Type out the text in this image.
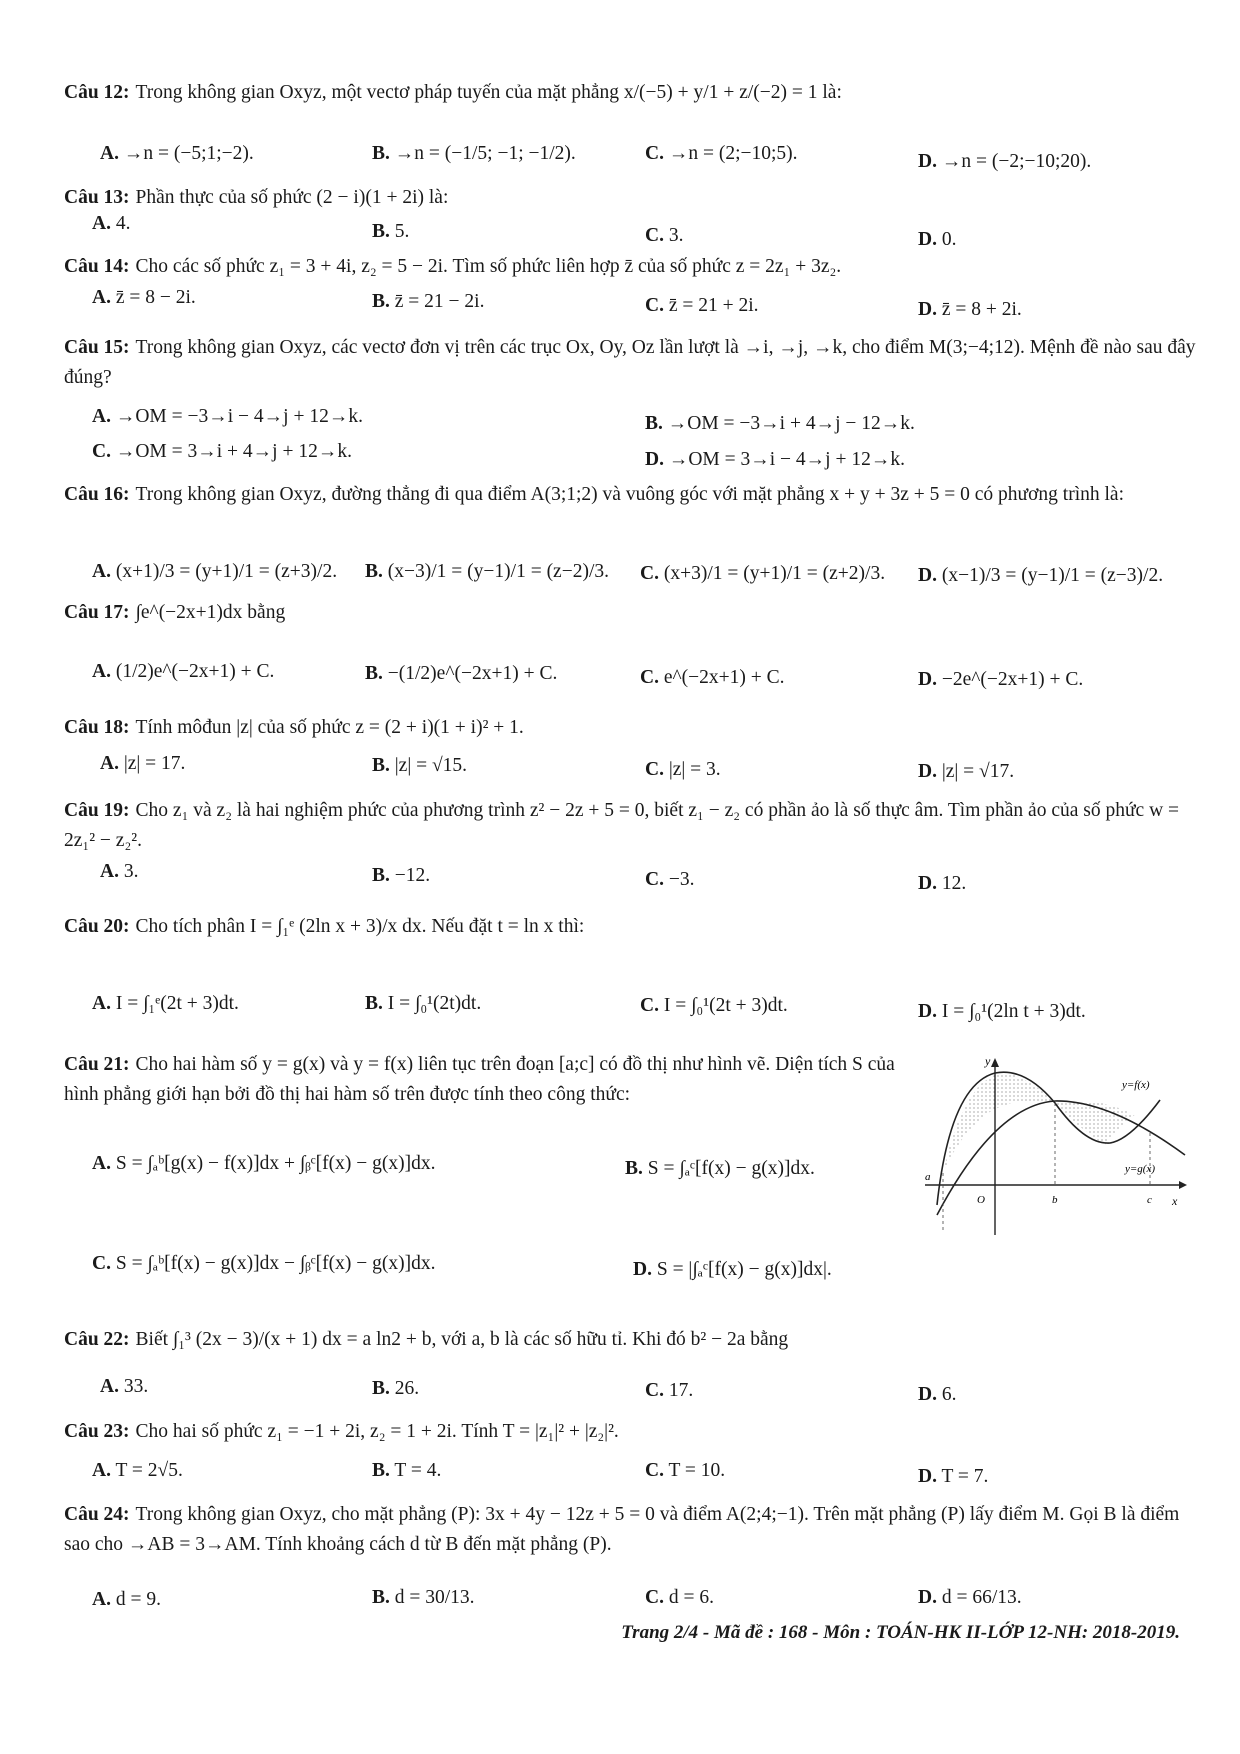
Câu 12: Trong không gian Oxyz, một vectơ pháp tuyến của mặt phẳng x/(−5) + y/1 + z/(−2) = 1 là:
A. →n = (−5;1;−2).	B. →n = (−1/5; −1; −1/2).	C. →n = (2;−10;5).	D. →n = (−2;−10;20).
Câu 13: Phần thực của số phức (2 − i)(1 + 2i) là:
A. 4.	B. 5.	C. 3.	D. 0.
Câu 14: Cho các số phức z₁ = 3 + 4i, z₂ = 5 − 2i. Tìm số phức liên hợp z̄ của số phức z = 2z₁ + 3z₂.
A. z̄ = 8 − 2i.	B. z̄ = 21 − 2i.	C. z̄ = 21 + 2i.	D. z̄ = 8 + 2i.
Câu 15: Trong không gian Oxyz, các vectơ đơn vị trên các trục Ox, Oy, Oz lần lượt là →i, →j, →k, cho điểm M(3;−4;12). Mệnh đề nào sau đây đúng?
A. →OM = −3→i − 4→j + 12→k.	B. →OM = −3→i + 4→j − 12→k.
C. →OM = 3→i + 4→j + 12→k.	D. →OM = 3→i − 4→j + 12→k.
Câu 16: Trong không gian Oxyz, đường thẳng đi qua điểm A(3;1;2) và vuông góc với mặt phẳng x + y + 3z + 5 = 0 có phương trình là:
A. (x+1)/3 = (y+1)/1 = (z+3)/2. B. (x−3)/1 = (y−1)/1 = (z−2)/3. C. (x+3)/1 = (y+1)/1 = (z+2)/3. D. (x−1)/3 = (y−1)/1 = (z−3)/2.
Câu 17: ∫e^(−2x+1)dx bằng
A. (1/2)e^(−2x+1) + C.	B. −(1/2)e^(−2x+1) + C.	C. e^(−2x+1) + C.	D. −2e^(−2x+1) + C.
Câu 18: Tính môđun |z| của số phức z = (2 + i)(1 + i)² + 1.
A. |z| = 17.	B. |z| = √15.	C. |z| = 3.	D. |z| = √17.
Câu 19: Cho z₁ và z₂ là hai nghiệm phức của phương trình z² − 2z + 5 = 0, biết z₁ − z₂ có phần ảo là số thực âm. Tìm phần ảo của số phức w = 2z₁² − z₂².
A. 3.	B. −12.	C. −3.	D. 12.
Câu 20: Cho tích phân I = ∫₁ᵉ (2ln x + 3)/x dx. Nếu đặt t = ln x thì:
A. I = ∫₁ᵉ(2t + 3)dt.	B. I = ∫₀¹(2t)dt.	C. I = ∫₀¹(2t + 3)dt.	D. I = ∫₀¹(2ln t + 3)dt.
Câu 21: Cho hai hàm số y = g(x) và y = f(x) liên tục trên đoạn [a;c] có đồ thị như hình vẽ. Diện tích S của hình phẳng giới hạn bởi đồ thị hai hàm số trên được tính theo công thức:
A. S = ∫ₐᵇ[g(x) − f(x)]dx + ∫ᵦᶜ[f(x) − g(x)]dx.	B. S = ∫ₐᶜ[f(x) − g(x)]dx.
C. S = ∫ₐᵇ[f(x) − g(x)]dx − ∫ᵦᶜ[f(x) − g(x)]dx.	D. S = |∫ₐᶜ[f(x) − g(x)]dx|.
y
x
y=f(x)
y=g(x)
a
O	b	c
Câu 22: Biết ∫₁³ (2x − 3)/(x + 1) dx = a ln2 + b, với a, b là các số hữu tỉ. Khi đó b² − 2a bằng
A. 33.	B. 26.	C. 17.	D. 6.
Câu 23: Cho hai số phức z₁ = −1 + 2i, z₂ = 1 + 2i. Tính T = |z₁|² + |z₂|².
A. T = 2√5.	B. T = 4.	C. T = 10.	D. T = 7.
Câu 24: Trong không gian Oxyz, cho mặt phẳng (P): 3x + 4y − 12z + 5 = 0 và điểm A(2;4;−1). Trên mặt phẳng (P) lấy điểm M. Gọi B là điểm sao cho →AB = 3→AM. Tính khoảng cách d từ B đến mặt phẳng (P).
A. d = 9.	B. d = 30/13.	C. d = 6.	D. d = 66/13.
Trang 2/4 - Mã đề : 168 - Môn : TOÁN-HK II-LỚP 12-NH: 2018-2019.
